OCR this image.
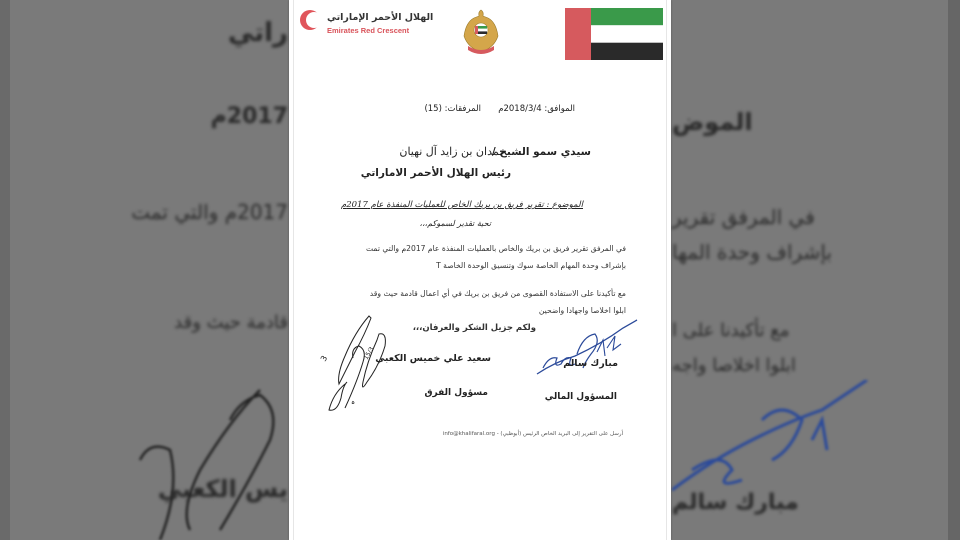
راتي
2017م
2017م والتي تمت	في المرفق تقرير
بإشراف وحدة المها
قادمة حيث وقد
يس الكعبي
مع تأكيدنا على ا
ابلوا اخلاصا واجه
مبارك سالم
الموض
الهلال الأحمر الإماراتي
Emirates Red Crescent
الموافق: 2018/3/4م
المرفقات: (15)
سيدي سمو الشيخ /
حمدان بن زايد آل نهيان
رئيس الهلال الأحمر الاماراتي
الموضوع : تقرير فريق بن بريك الخاص للعمليات المنفذة عام 2017م
تحية تقدير لسموكم،،،
في المرفق تقرير فريق بن بريك والخاص بالعمليات المنفذة عام 2017م والتي تمت
بإشراف وحدة المهام الخاصة سوك وتنسيق الوحدة الخاصة T
مع تأكيدنا على الاستفادة القصوى من فريق بن بريك في أي اعمال قادمة حيث وقد
ابلوا اخلاصا واجهادا واضحين
ولكم جزيل الشكر والعرفان،،،
3	15/3
ہ
سعيد علي خميس الكعبي
مسؤول الفرق
مبارك سالم
المسؤول المالي
أرسل على التقرير إلى البريد الخاص الرئيس (أبوظبي) - info@khalifaral.org
